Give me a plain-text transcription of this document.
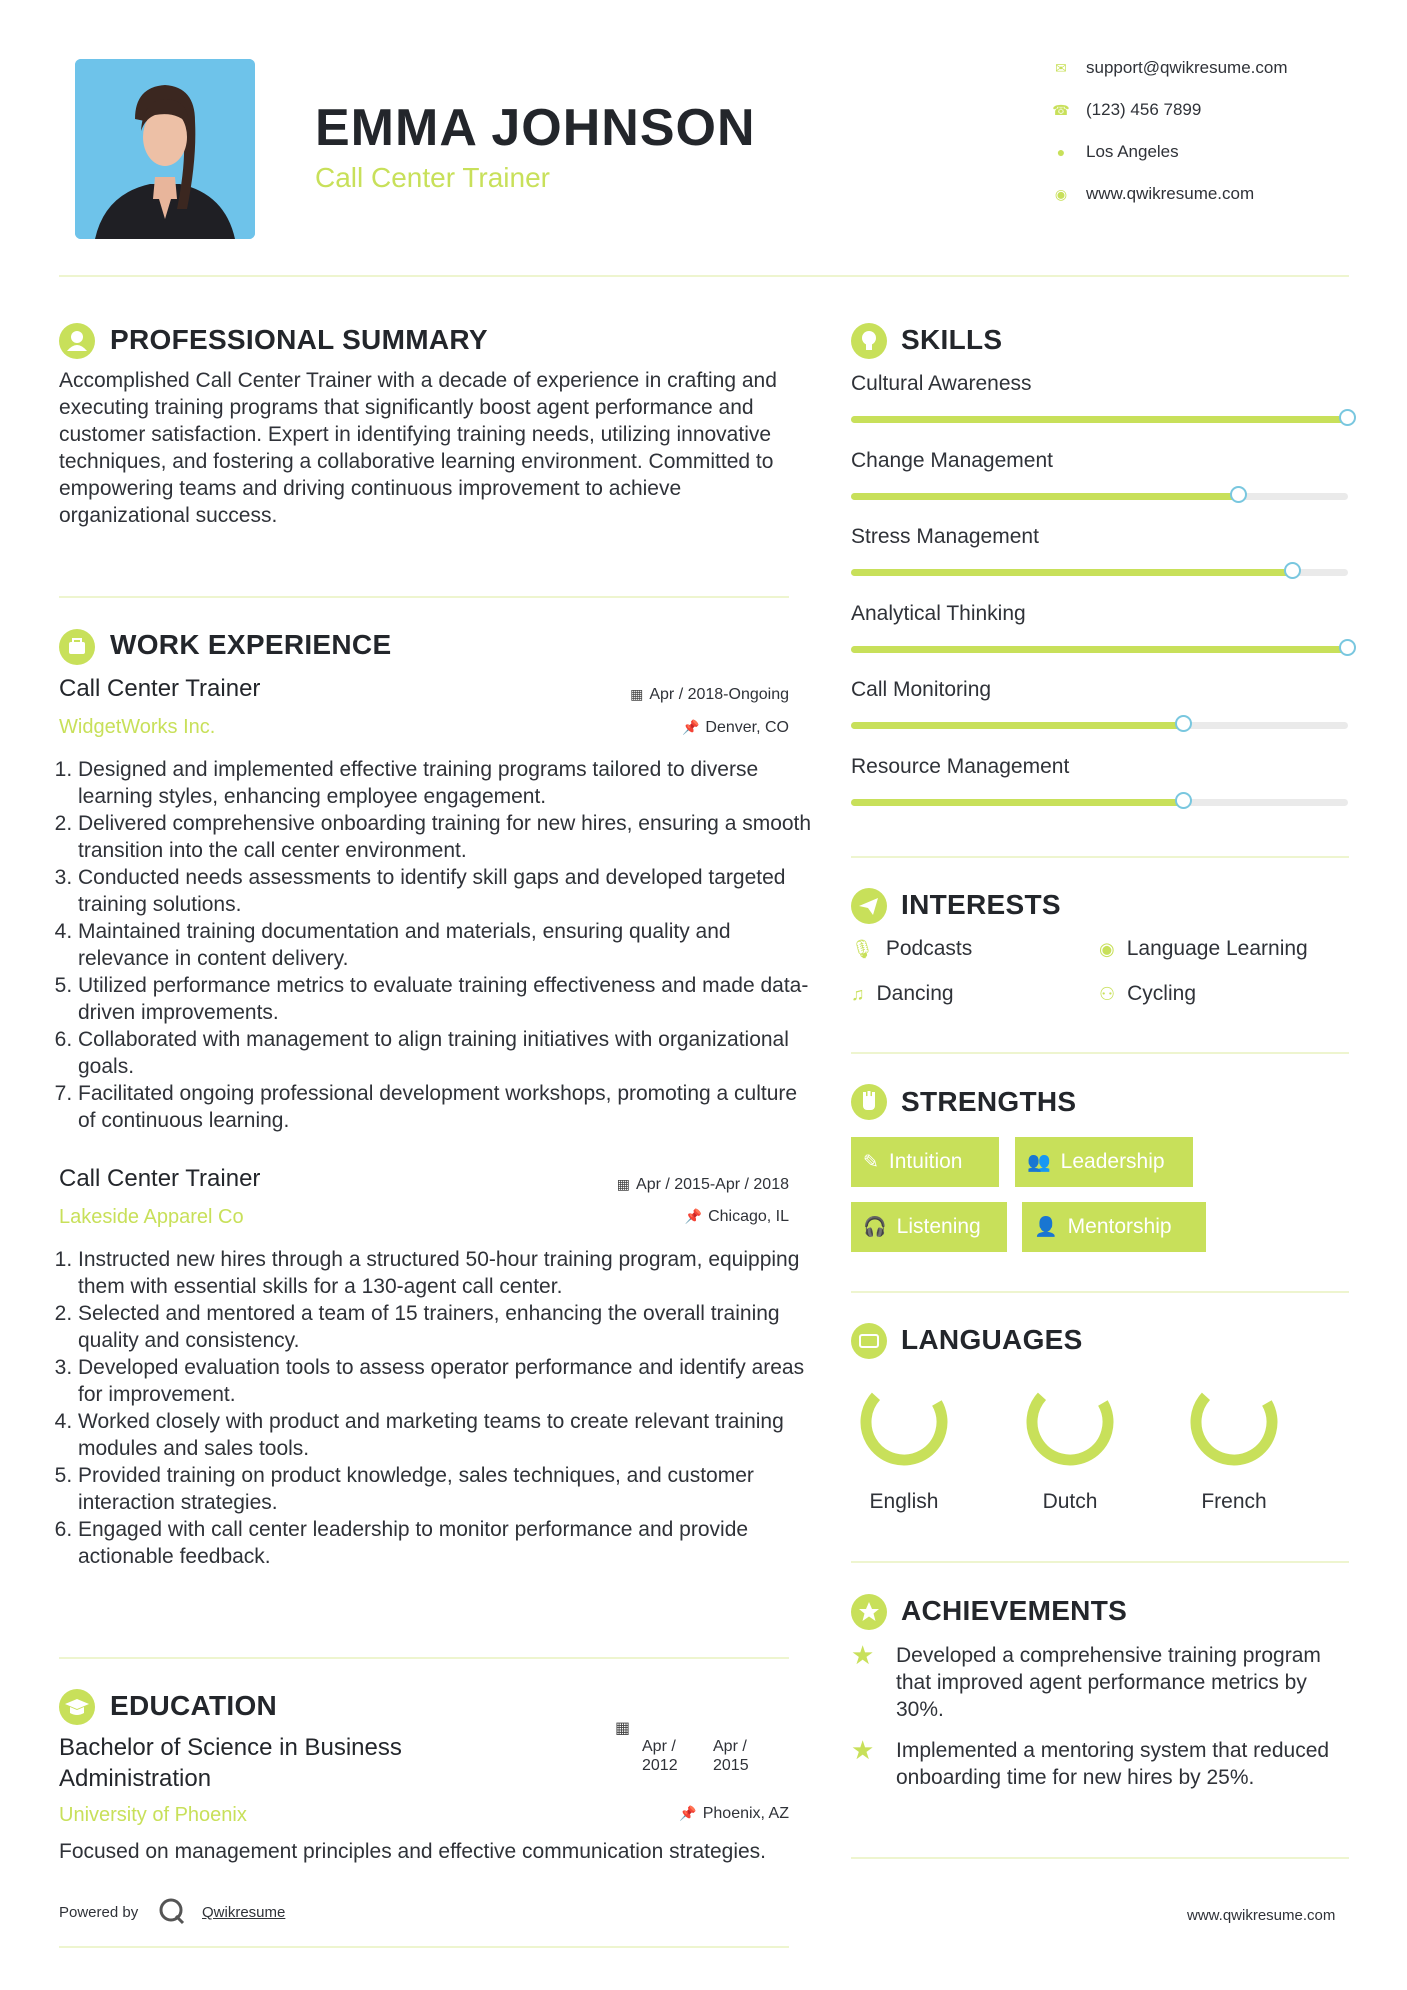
EMMA JOHNSON
Call Center Trainer
✉ support@qwikresume.com
☎ (123) 456 7899
● Los Angeles
◉ www.qwikresume.com
PROFESSIONAL SUMMARY
Accomplished Call Center Trainer with a decade of experience in crafting and executing training programs that significantly boost agent performance and customer satisfaction. Expert in identifying training needs, utilizing innovative techniques, and fostering a collaborative learning environment. Committed to empowering teams and driving continuous improvement to achieve organizational success.
WORK EXPERIENCE
Call Center Trainer	▦ Apr / 2018-Ongoing
WidgetWorks Inc.	📌 Denver, CO
1. Designed and implemented effective training programs tailored to diverse learning styles, enhancing employee engagement.
2. Delivered comprehensive onboarding training for new hires, ensuring a smooth transition into the call center environment.
3. Conducted needs assessments to identify skill gaps and developed targeted training solutions.
4. Maintained training documentation and materials, ensuring quality and relevance in content delivery.
5. Utilized performance metrics to evaluate training effectiveness and made data-driven improvements.
6. Collaborated with management to align training initiatives with organizational goals.
7. Facilitated ongoing professional development workshops, promoting a culture of continuous learning.
Call Center Trainer	▦ Apr / 2015-Apr / 2018
Lakeside Apparel Co	📌 Chicago, IL
1. Instructed new hires through a structured 50-hour training program, equipping them with essential skills for a 130-agent call center.
2. Selected and mentored a team of 15 trainers, enhancing the overall training quality and consistency.
3. Developed evaluation tools to assess operator performance and identify areas for improvement.
4. Worked closely with product and marketing teams to create relevant training modules and sales tools.
5. Provided training on product knowledge, sales techniques, and customer interaction strategies.
6. Engaged with call center leadership to monitor performance and provide actionable feedback.
EDUCATION
Bachelor of Science in Business
Administration
▦
Apr /
2012
Apr /
2015
University of Phoenix	📌 Phoenix, AZ
Focused on management principles and effective communication strategies.
Powered by	Qwikresume	www.qwikresume.com
SKILLS
Cultural Awareness
Change Management
Stress Management
Analytical Thinking
Call Monitoring
Resource Management
INTERESTS
🎙 Podcasts	◉ Language Learning
♫ Dancing	⚇ Cycling
STRENGTHS
✎ Intuition	👥 Leadership
🎧 Listening	👤 Mentorship
LANGUAGES
English	Dutch	French
ACHIEVEMENTS
★ Developed a comprehensive training program that improved agent performance metrics by 30%.
★ Implemented a mentoring system that reduced onboarding time for new hires by 25%.
